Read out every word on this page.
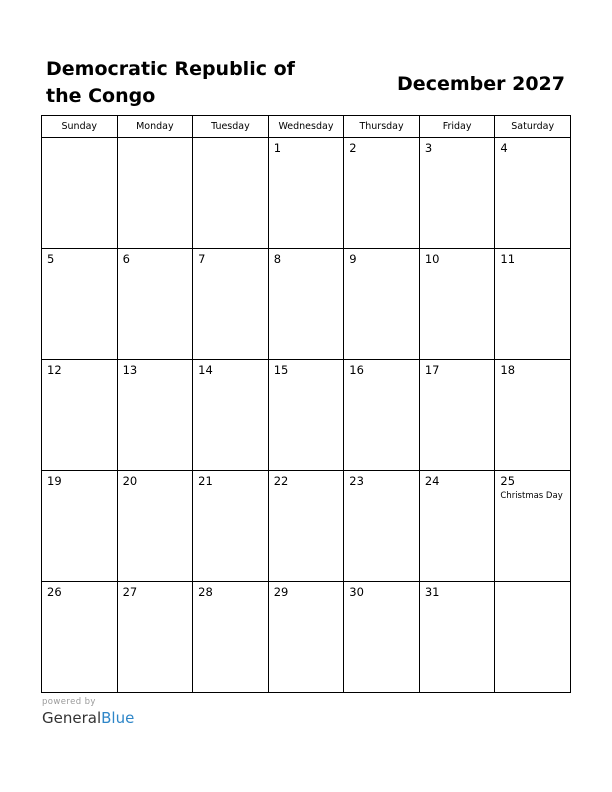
Democratic Republic of the Congo
December 2027
Sunday	Monday	Tuesday	Wednesday	Thursday	Friday	Saturday

			1	2	3	4

5	6	7	8	9	10	11

12	13	14	15	16	17	18

19	20	21	22	23	24	25
Christmas Day

26	27	28	29	30	31	

powered by
GeneralBlue
